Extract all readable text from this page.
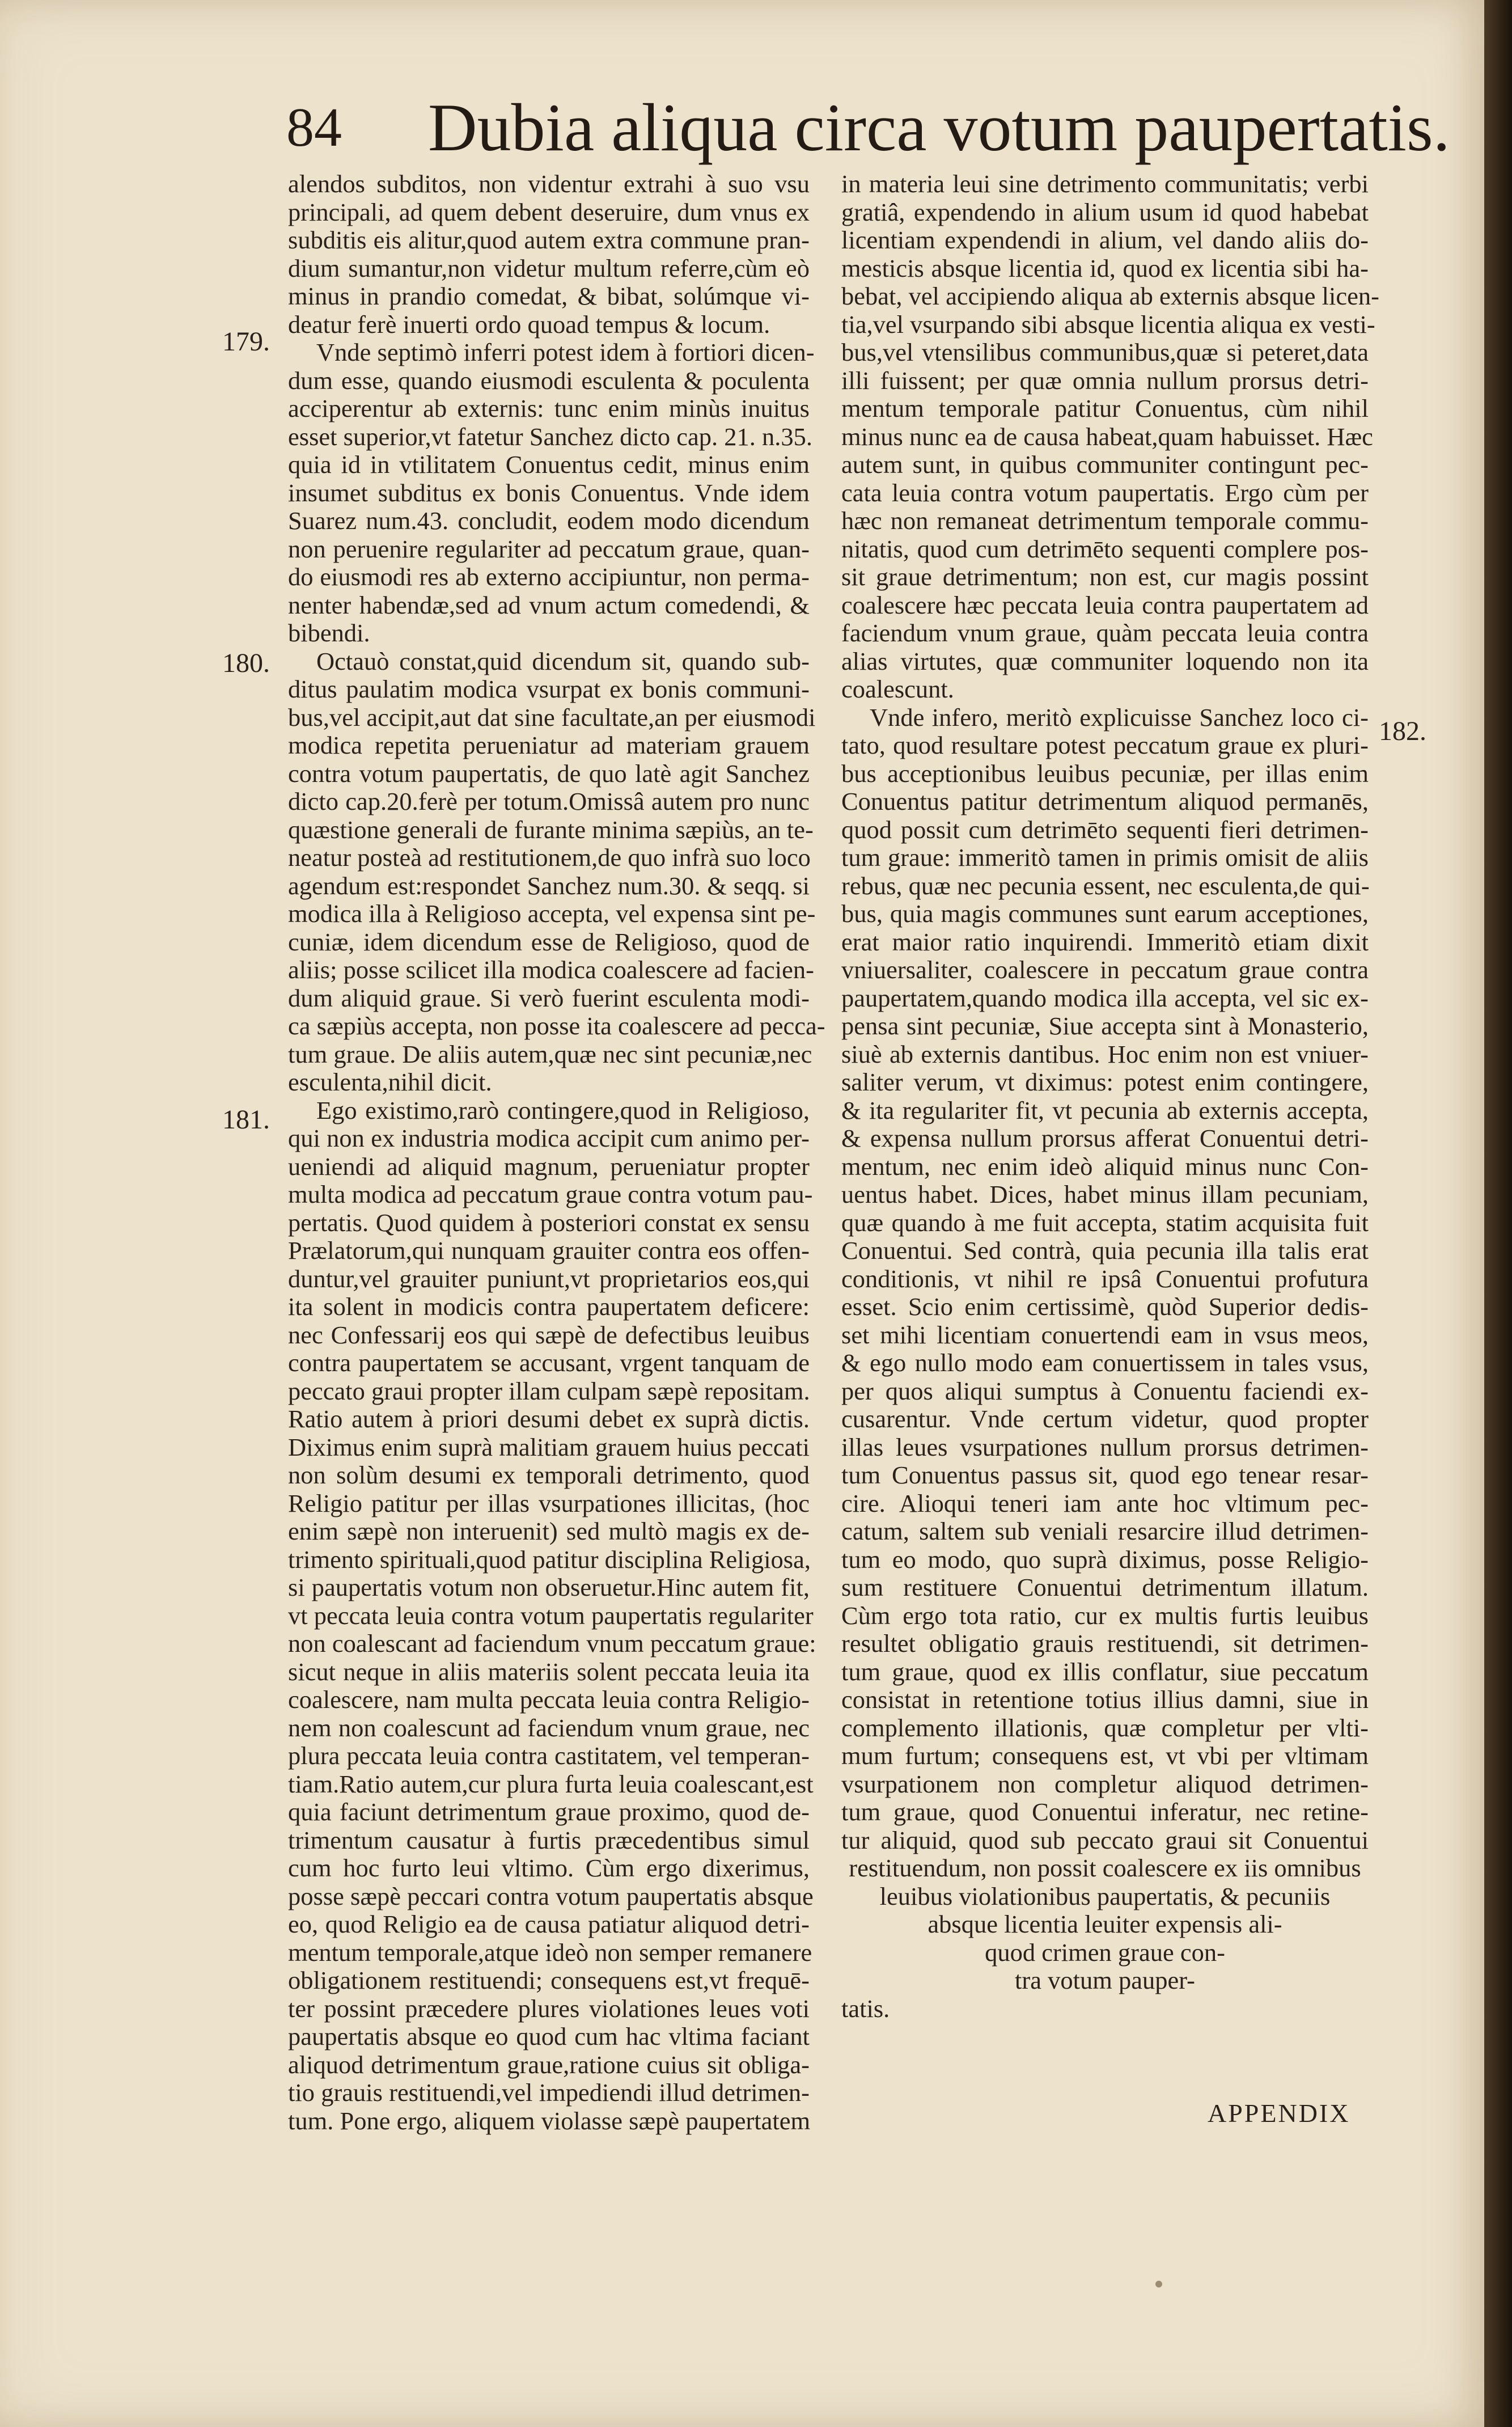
84 Dubia aliqua circa votum paupertatis.
179.
180.
181.
182.
alendos subditos, non videntur extrahi à suo vsu
principali, ad quem debent deseruire, dum vnus ex
subditis eis alitur,quod autem extra commune pran-
dium sumantur,non videtur multum referre,cùm eò
minus in prandio comedat, & bibat, solúmque vi-
deatur ferè inuerti ordo quoad tempus & locum.
Vnde septimò inferri potest idem à fortiori dicen-
dum esse, quando eiusmodi esculenta & poculenta
acciperentur ab externis: tunc enim minùs inuitus
esset superior,vt fatetur Sanchez dicto cap. 21. n.35.
quia id in vtilitatem Conuentus cedit, minus enim
insumet subditus ex bonis Conuentus. Vnde idem
Suarez num.43. concludit, eodem modo dicendum
non peruenire regulariter ad peccatum graue, quan-
do eiusmodi res ab externo accipiuntur, non perma-
nenter habendæ,sed ad vnum actum comedendi, &
bibendi.
Octauò constat,quid dicendum sit, quando sub-
ditus paulatim modica vsurpat ex bonis communi-
bus,vel accipit,aut dat sine facultate,an per eiusmodi
modica repetita perueniatur ad materiam grauem
contra votum paupertatis, de quo latè agit Sanchez
dicto cap.20.ferè per totum.Omissâ autem pro nunc
quæstione generali de furante minima sæpiùs, an te-
neatur posteà ad restitutionem,de quo infrà suo loco
agendum est:respondet Sanchez num.30. & seqq. si
modica illa à Religioso accepta, vel expensa sint pe-
cuniæ, idem dicendum esse de Religioso, quod de
aliis; posse scilicet illa modica coalescere ad facien-
dum aliquid graue. Si verò fuerint esculenta modi-
ca sæpiùs accepta, non posse ita coalescere ad pecca-
tum graue. De aliis autem,quæ nec sint pecuniæ,nec
esculenta,nihil dicit.
Ego existimo,rarò contingere,quod in Religioso,
qui non ex industria modica accipit cum animo per-
ueniendi ad aliquid magnum, perueniatur propter
multa modica ad peccatum graue contra votum pau-
pertatis. Quod quidem à posteriori constat ex sensu
Prælatorum,qui nunquam grauiter contra eos offen-
duntur,vel grauiter puniunt,vt proprietarios eos,qui
ita solent in modicis contra paupertatem deficere:
nec Confessarij eos qui sæpè de defectibus leuibus
contra paupertatem se accusant, vrgent tanquam de
peccato graui propter illam culpam sæpè repositam.
Ratio autem à priori desumi debet ex suprà dictis.
Diximus enim suprà malitiam grauem huius peccati
non solùm desumi ex temporali detrimento, quod
Religio patitur per illas vsurpationes illicitas, (hoc
enim sæpè non interuenit) sed multò magis ex de-
trimento spirituali,quod patitur disciplina Religiosa,
si paupertatis votum non obseruetur.Hinc autem fit,
vt peccata leuia contra votum paupertatis regulariter
non coalescant ad faciendum vnum peccatum graue:
sicut neque in aliis materiis solent peccata leuia ita
coalescere, nam multa peccata leuia contra Religio-
nem non coalescunt ad faciendum vnum graue, nec
plura peccata leuia contra castitatem, vel temperan-
tiam.Ratio autem,cur plura furta leuia coalescant,est
quia faciunt detrimentum graue proximo, quod de-
trimentum causatur à furtis præcedentibus simul
cum hoc furto leui vltimo. Cùm ergo dixerimus,
posse sæpè peccari contra votum paupertatis absque
eo, quod Religio ea de causa patiatur aliquod detri-
mentum temporale,atque ideò non semper remanere
obligationem restituendi; consequens est,vt frequē-
ter possint præcedere plures violationes leues voti
paupertatis absque eo quod cum hac vltima faciant
aliquod detrimentum graue,ratione cuius sit obliga-
tio grauis restituendi,vel impediendi illud detrimen-
tum. Pone ergo, aliquem violasse sæpè paupertatem
in materia leui sine detrimento communitatis; verbi
gratiâ, expendendo in alium usum id quod habebat
licentiam expendendi in alium, vel dando aliis do-
mesticis absque licentia id, quod ex licentia sibi ha-
bebat, vel accipiendo aliqua ab externis absque licen-
tia,vel vsurpando sibi absque licentia aliqua ex vesti-
bus,vel vtensilibus communibus,quæ si peteret,data
illi fuissent; per quæ omnia nullum prorsus detri-
mentum temporale patitur Conuentus, cùm nihil
minus nunc ea de causa habeat,quam habuisset. Hæc
autem sunt, in quibus communiter contingunt pec-
cata leuia contra votum paupertatis. Ergo cùm per
hæc non remaneat detrimentum temporale commu-
nitatis, quod cum detrimēto sequenti complere pos-
sit graue detrimentum; non est, cur magis possint
coalescere hæc peccata leuia contra paupertatem ad
faciendum vnum graue, quàm peccata leuia contra
alias virtutes, quæ communiter loquendo non ita
coalescunt.
Vnde infero, meritò explicuisse Sanchez loco ci-
tato, quod resultare potest peccatum graue ex pluri-
bus acceptionibus leuibus pecuniæ, per illas enim
Conuentus patitur detrimentum aliquod permanēs,
quod possit cum detrimēto sequenti fieri detrimen-
tum graue: immeritò tamen in primis omisit de aliis
rebus, quæ nec pecunia essent, nec esculenta,de qui-
bus, quia magis communes sunt earum acceptiones,
erat maior ratio inquirendi. Immeritò etiam dixit
vniuersaliter, coalescere in peccatum graue contra
paupertatem,quando modica illa accepta, vel sic ex-
pensa sint pecuniæ, Siue accepta sint à Monasterio,
siuè ab externis dantibus. Hoc enim non est vniuer-
saliter verum, vt diximus: potest enim contingere,
& ita regulariter fit, vt pecunia ab externis accepta,
& expensa nullum prorsus afferat Conuentui detri-
mentum, nec enim ideò aliquid minus nunc Con-
uentus habet. Dices, habet minus illam pecuniam,
quæ quando à me fuit accepta, statim acquisita fuit
Conuentui. Sed contrà, quia pecunia illa talis erat
conditionis, vt nihil re ipsâ Conuentui profutura
esset. Scio enim certissimè, quòd Superior dedis-
set mihi licentiam conuertendi eam in vsus meos,
& ego nullo modo eam conuertissem in tales vsus,
per quos aliqui sumptus à Conuentu faciendi ex-
cusarentur. Vnde certum videtur, quod propter
illas leues vsurpationes nullum prorsus detrimen-
tum Conuentus passus sit, quod ego tenear resar-
cire. Alioqui teneri iam ante hoc vltimum pec-
catum, saltem sub veniali resarcire illud detrimen-
tum eo modo, quo suprà diximus, posse Religio-
sum restituere Conuentui detrimentum illatum.
Cùm ergo tota ratio, cur ex multis furtis leuibus
resultet obligatio grauis restituendi, sit detrimen-
tum graue, quod ex illis conflatur, siue peccatum
consistat in retentione totius illius damni, siue in
complemento illationis, quæ completur per vlti-
mum furtum; consequens est, vt vbi per vltimam
vsurpationem non completur aliquod detrimen-
tum graue, quod Conuentui inferatur, nec retine-
tur aliquid, quod sub peccato graui sit Conuentui
restituendum, non possit coalescere ex iis omnibus
leuibus violationibus paupertatis, & pecuniis
absque licentia leuiter expensis ali-
quod crimen graue con-
tra votum pauper-
tatis.
APPENDIX
